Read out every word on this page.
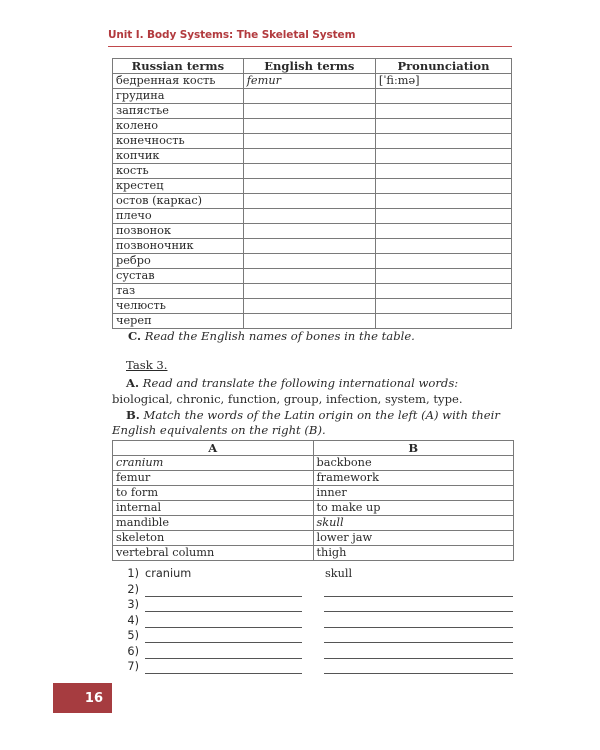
Unit I. Body Systems: The Skeletal System
Russian terms	English terms	Pronunciation
бедренная кость	femur	[ˈfiːmə]
грудина		
запястье		
колено		
конечность		
копчик		
кость		
крестец		
остов (каркас)		
плечо		
позвонок		
позвоночник		
ребро		
сустав		
таз		
челюсть		
череп		
C. Read the English names of bones in the table.
Task 3.
A. Read and translate the following international words:
biological, chronic, function, group, infection, system, type.
B. Match the words of the Latin origin on the left (A) with their
English equivalents on the right (B).
A	B
cranium	backbone
femur	framework
to form	inner
internal	to make up
mandible	skull
skeleton	lower jaw
vertebral column	thigh
1) cranium	skull
2)
3)
4)
5)
6)
7)
16
